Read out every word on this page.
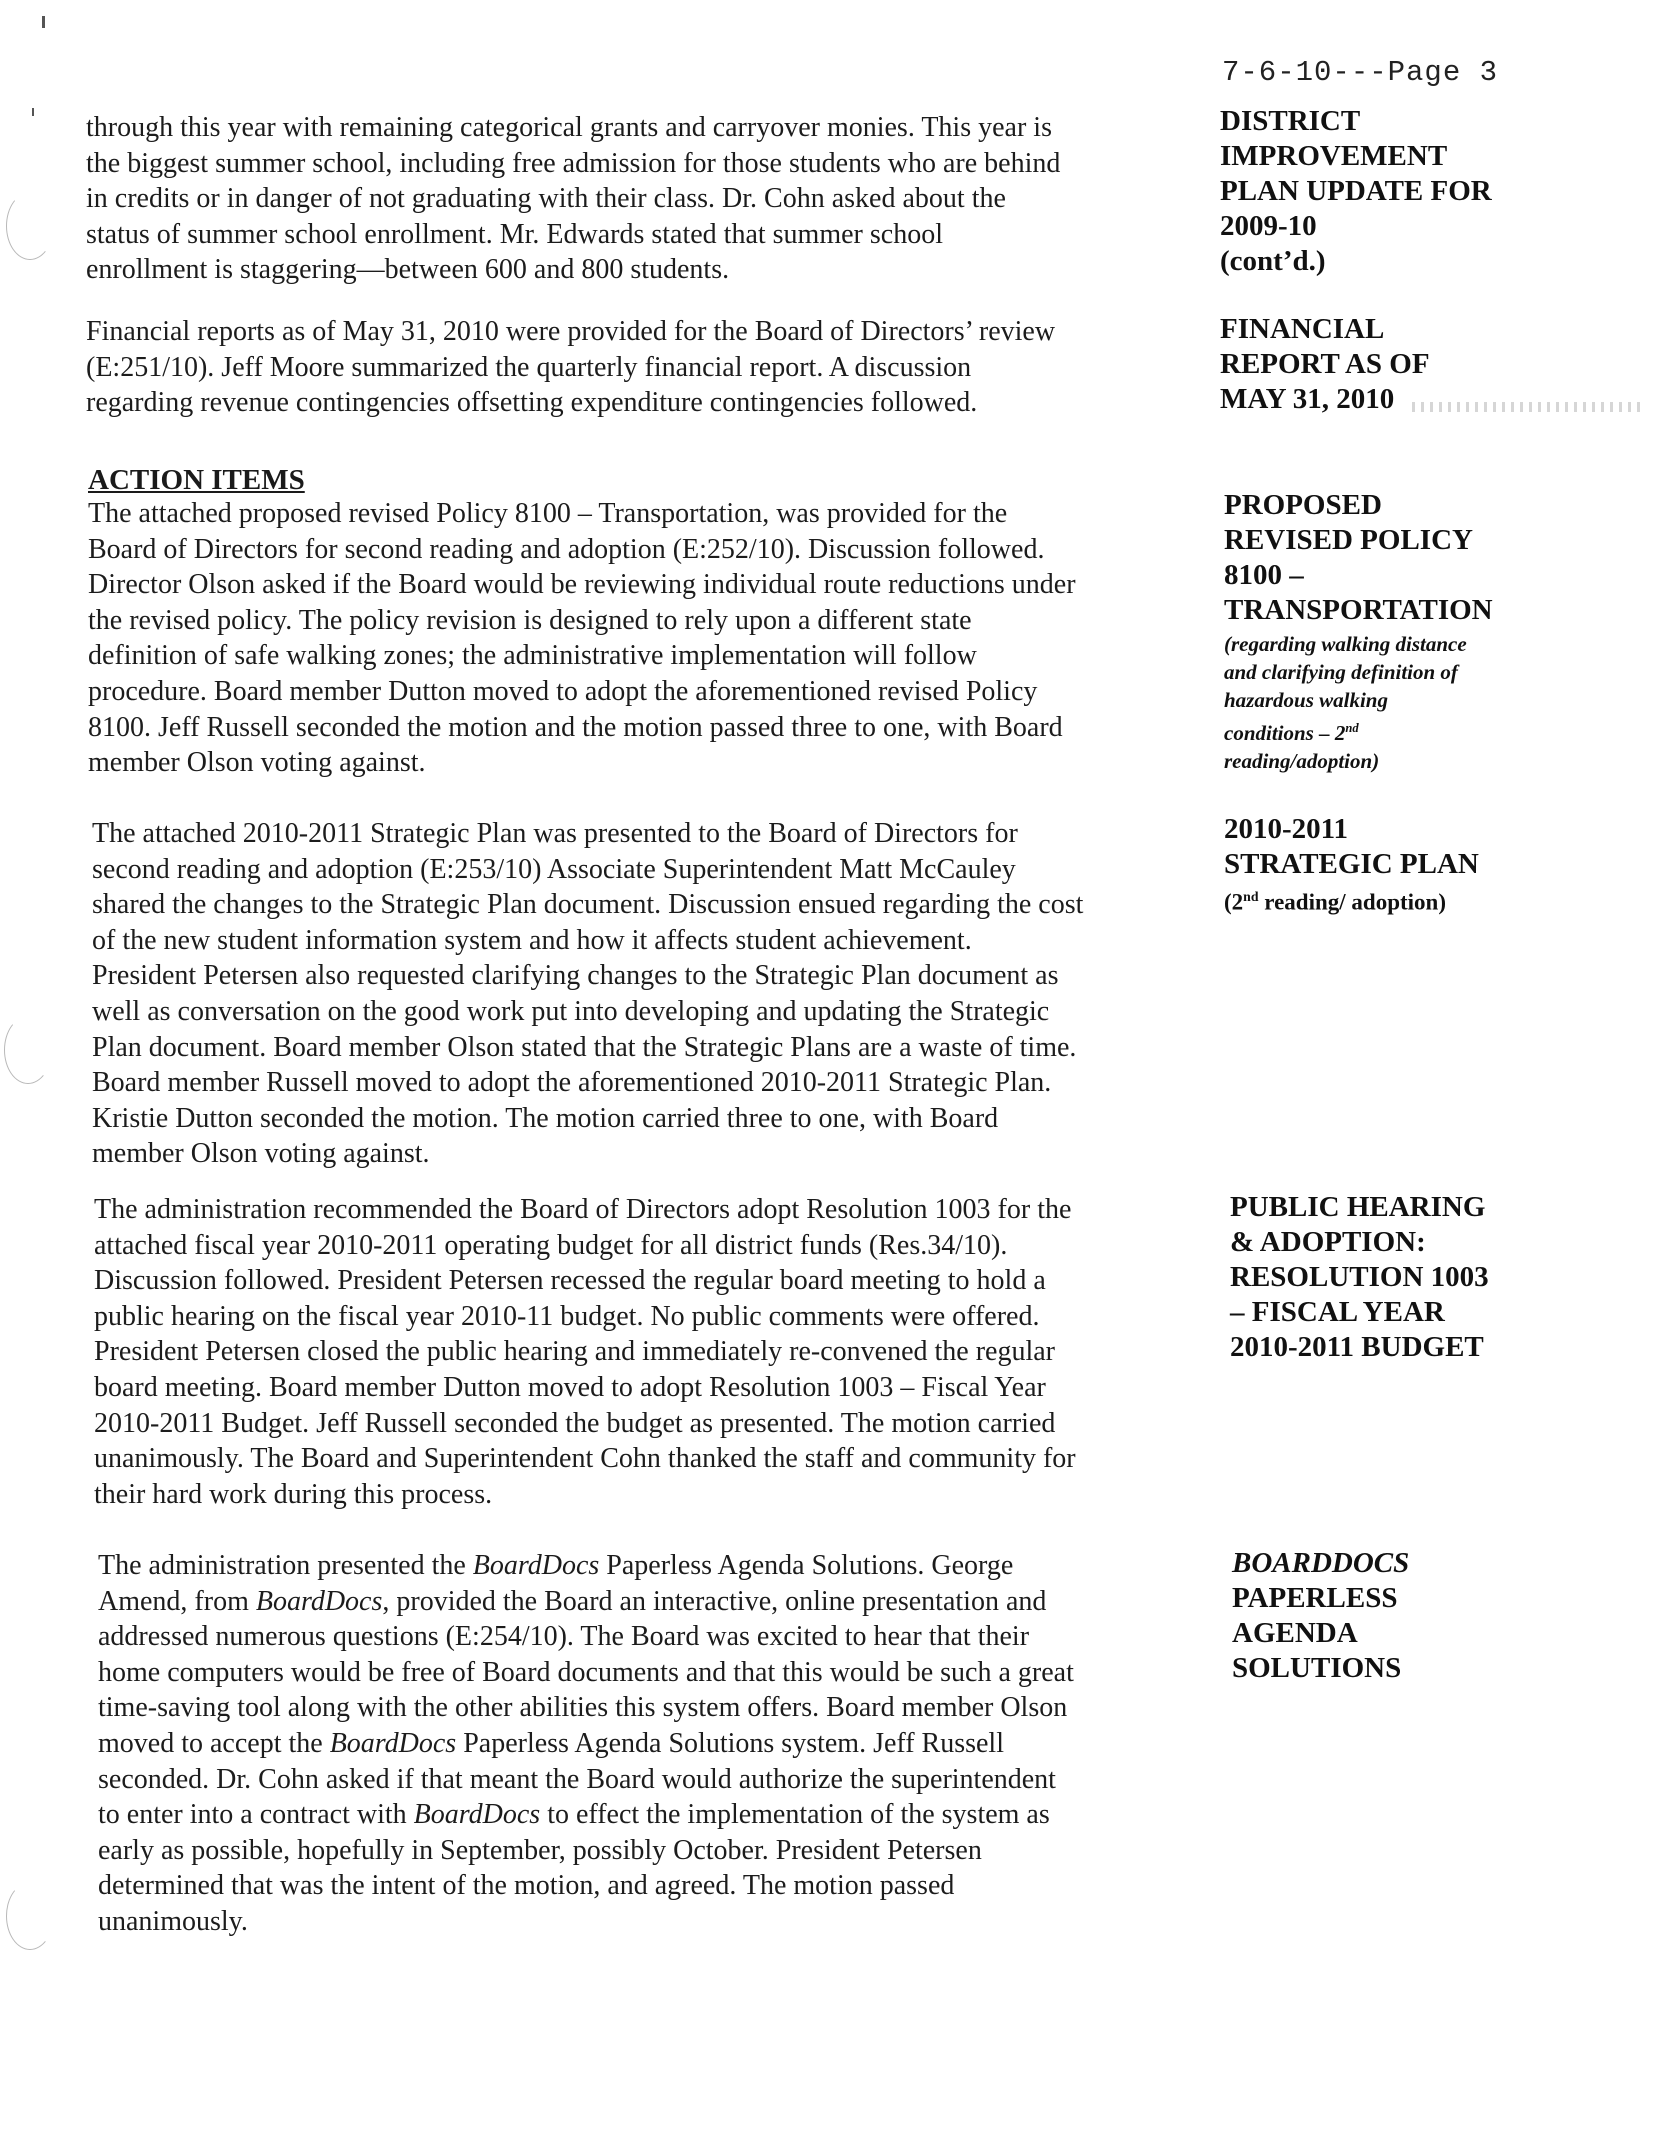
7-6-10---Page 3

through this year with remaining categorical grants and carryover monies. This year is
the biggest summer school, including free admission for those students who are behind
in credits or in danger of not graduating with their class. Dr. Cohn asked about the
status of summer school enrollment. Mr. Edwards stated that summer school
enrollment is staggering—between 600 and 800 students.

Financial reports as of May 31, 2010 were provided for the Board of Directors’ review
(E:251/10). Jeff Moore summarized the quarterly financial report. A discussion
regarding revenue contingencies offsetting expenditure contingencies followed.

ACTION ITEMS

The attached proposed revised Policy 8100 – Transportation, was provided for the
Board of Directors for second reading and adoption (E:252/10). Discussion followed.
Director Olson asked if the Board would be reviewing individual route reductions under
the revised policy. The policy revision is designed to rely upon a different state
definition of safe walking zones; the administrative implementation will follow
procedure. Board member Dutton moved to adopt the aforementioned revised Policy
8100. Jeff Russell seconded the motion and the motion passed three to one, with Board
member Olson voting against.

The attached 2010-2011 Strategic Plan was presented to the Board of Directors for
second reading and adoption (E:253/10) Associate Superintendent Matt McCauley
shared the changes to the Strategic Plan document. Discussion ensued regarding the cost
of the new student information system and how it affects student achievement.
President Petersen also requested clarifying changes to the Strategic Plan document as
well as conversation on the good work put into developing and updating the Strategic
Plan document. Board member Olson stated that the Strategic Plans are a waste of time.
Board member Russell moved to adopt the aforementioned 2010-2011 Strategic Plan.
Kristie Dutton seconded the motion. The motion carried three to one, with Board
member Olson voting against.

The administration recommended the Board of Directors adopt Resolution 1003 for the
attached fiscal year 2010-2011 operating budget for all district funds (Res.34/10).
Discussion followed. President Petersen recessed the regular board meeting to hold a
public hearing on the fiscal year 2010-11 budget. No public comments were offered.
President Petersen closed the public hearing and immediately re-convened the regular
board meeting. Board member Dutton moved to adopt Resolution 1003 – Fiscal Year
2010-2011 Budget. Jeff Russell seconded the budget as presented. The motion carried
unanimously. The Board and Superintendent Cohn thanked the staff and community for
their hard work during this process.

The administration presented the BoardDocs Paperless Agenda Solutions. George
Amend, from BoardDocs, provided the Board an interactive, online presentation and
addressed numerous questions (E:254/10). The Board was excited to hear that their
home computers would be free of Board documents and that this would be such a great
time-saving tool along with the other abilities this system offers. Board member Olson
moved to accept the BoardDocs Paperless Agenda Solutions system. Jeff Russell
seconded. Dr. Cohn asked if that meant the Board would authorize the superintendent
to enter into a contract with BoardDocs to effect the implementation of the system as
early as possible, hopefully in September, possibly October. President Petersen
determined that was the intent of the motion, and agreed. The motion passed
unanimously.

DISTRICT
IMPROVEMENT
PLAN UPDATE FOR
2009-10
(cont’d.)
FINANCIAL
REPORT AS OF
MAY 31, 2010
PROPOSED
REVISED POLICY
8100 –
TRANSPORTATION
(regarding walking distance
and clarifying definition of
hazardous walking
conditions – 2nd
reading/adoption)
2010-2011
STRATEGIC PLAN
(2nd reading/ adoption)
PUBLIC HEARING
& ADOPTION:
RESOLUTION 1003
– FISCAL YEAR
2010-2011 BUDGET
BOARDDOCS
PAPERLESS
AGENDA
SOLUTIONS
